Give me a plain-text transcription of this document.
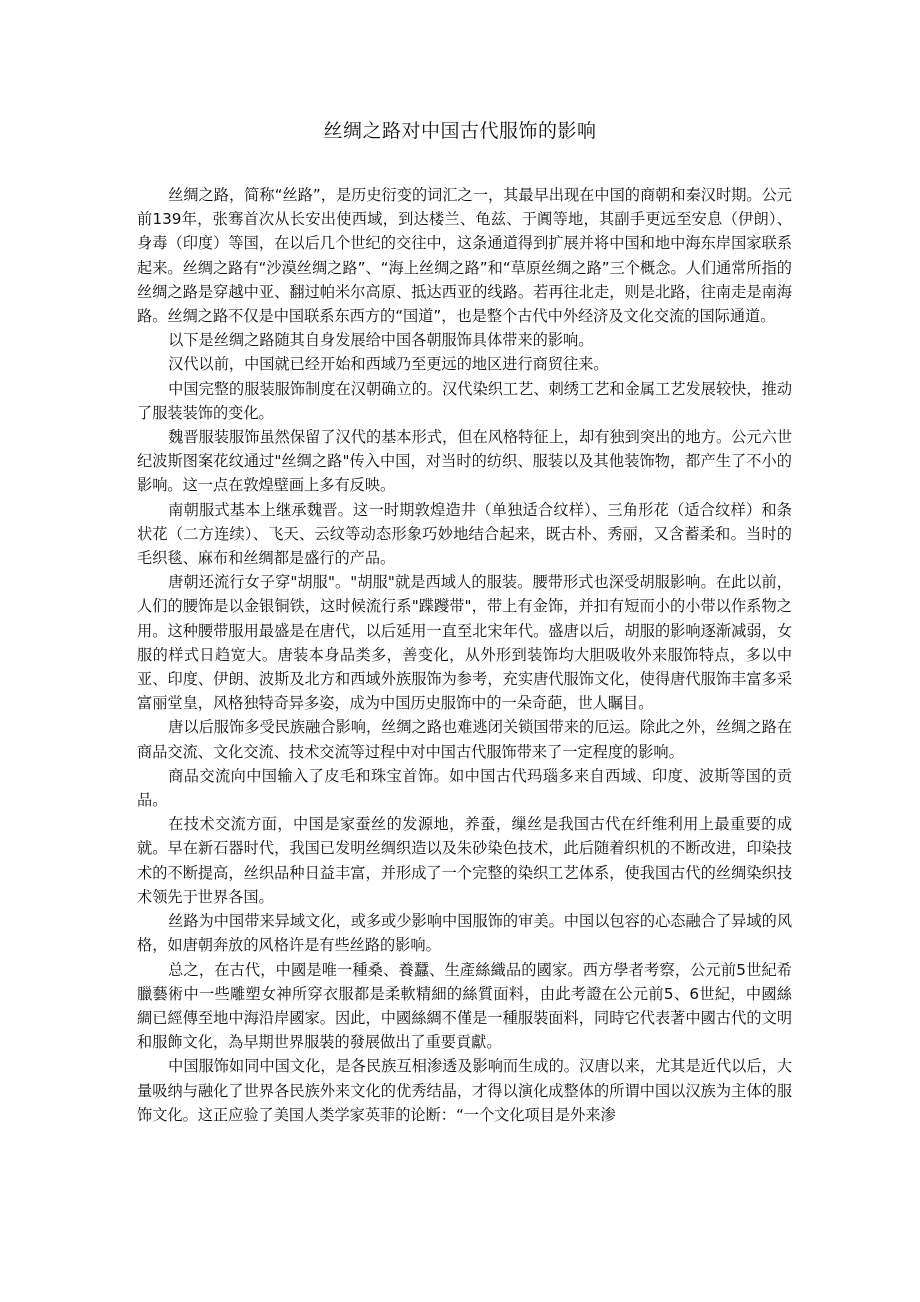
丝绸之路对中国古代服饰的影响

丝绸之路，简称“丝路”，是历史衍变的词汇之一，其最早出现在中国的商朝和秦汉时期。公元前139年，张骞首次从长安出使西域，到达楼兰、龟兹、于阗等地，其副手更远至安息（伊朗）、身毒（印度）等国，在以后几个世纪的交往中，这条通道得到扩展并将中国和地中海东岸国家联系起来。丝绸之路有“沙漠丝绸之路”、“海上丝绸之路”和“草原丝绸之路”三个概念。人们通常所指的丝绸之路是穿越中亚、翻过帕米尔高原、抵达西亚的线路。若再往北走，则是北路，往南走是南海路。丝绸之路不仅是中国联系东西方的“国道”，也是整个古代中外经济及文化交流的国际通道。

以下是丝绸之路随其自身发展给中国各朝服饰具体带来的影响。

汉代以前，中国就已经开始和西域乃至更远的地区进行商贸往来。

中国完整的服装服饰制度在汉朝确立的。汉代染织工艺、刺绣工艺和金属工艺发展较快，推动了服装装饰的变化。

魏晋服装服饰虽然保留了汉代的基本形式，但在风格特征上，却有独到突出的地方。公元六世纪波斯图案花纹通过"丝绸之路"传入中国，对当时的纺织、服装以及其他装饰物，都产生了不小的影响。这一点在敦煌壁画上多有反映。

南朝服式基本上继承魏晋。这一时期敦煌造井（单独适合纹样）、三角形花（适合纹样）和条状花（二方连续）、飞天、云纹等动态形象巧妙地结合起来，既古朴、秀丽，又含蓄柔和。当时的毛织毯、麻布和丝绸都是盛行的产品。

唐朝还流行女子穿"胡服"。"胡服"就是西域人的服装。腰带形式也深受胡服影响。在此以前，人们的腰饰是以金银铜铁，这时候流行系"蹀躞带"，带上有金饰，并扣有短而小的小带以作系物之用。这种腰带服用最盛是在唐代，以后延用一直至北宋年代。盛唐以后，胡服的影响逐渐减弱，女服的样式日趋宽大。唐装本身品类多，善变化，从外形到装饰均大胆吸收外来服饰特点，多以中亚、印度、伊朗、波斯及北方和西域外族服饰为参考，充实唐代服饰文化，使得唐代服饰丰富多采富丽堂皇，风格独特奇异多姿，成为中国历史服饰中的一朵奇葩，世人瞩目。

唐以后服饰多受民族融合影响，丝绸之路也难逃闭关锁国带来的厄运。除此之外，丝绸之路在商品交流、文化交流、技术交流等过程中对中国古代服饰带来了一定程度的影响。

商品交流向中国输入了皮毛和珠宝首饰。如中国古代玛瑙多来自西域、印度、波斯等国的贡品。

在技术交流方面，中国是家蚕丝的发源地，养蚕，缫丝是我国古代在纤维利用上最重要的成就。早在新石器时代，我国已发明丝绸织造以及朱砂染色技术，此后随着织机的不断改进，印染技术的不断提高，丝织品种日益丰富，并形成了一个完整的染织工艺体系，使我国古代的丝绸染织技术领先于世界各国。

丝路为中国带来异域文化，或多或少影响中国服饰的审美。中国以包容的心态融合了异域的风格，如唐朝奔放的风格许是有些丝路的影响。

总之，在古代，中國是唯一種桑、養蠶、生產絲織品的國家。西方學者考察，公元前5世紀希臘藝術中一些雕塑女神所穿衣服都是柔軟精細的絲質面料，由此考證在公元前5、6世紀，中國絲綢已經傳至地中海沿岸國家。因此，中國絲綢不僅是一種服裝面料，同時它代表著中國古代的文明和服飾文化，為早期世界服裝的發展做出了重要貢獻。

中国服饰如同中国文化，是各民族互相渗透及影响而生成的。汉唐以来，尤其是近代以后，大量吸纳与融化了世界各民族外来文化的优秀结晶，才得以演化成整体的所谓中国以汉族为主体的服饰文化。这正应验了美国人类学家英菲的论断：“一个文化项目是外来渗
